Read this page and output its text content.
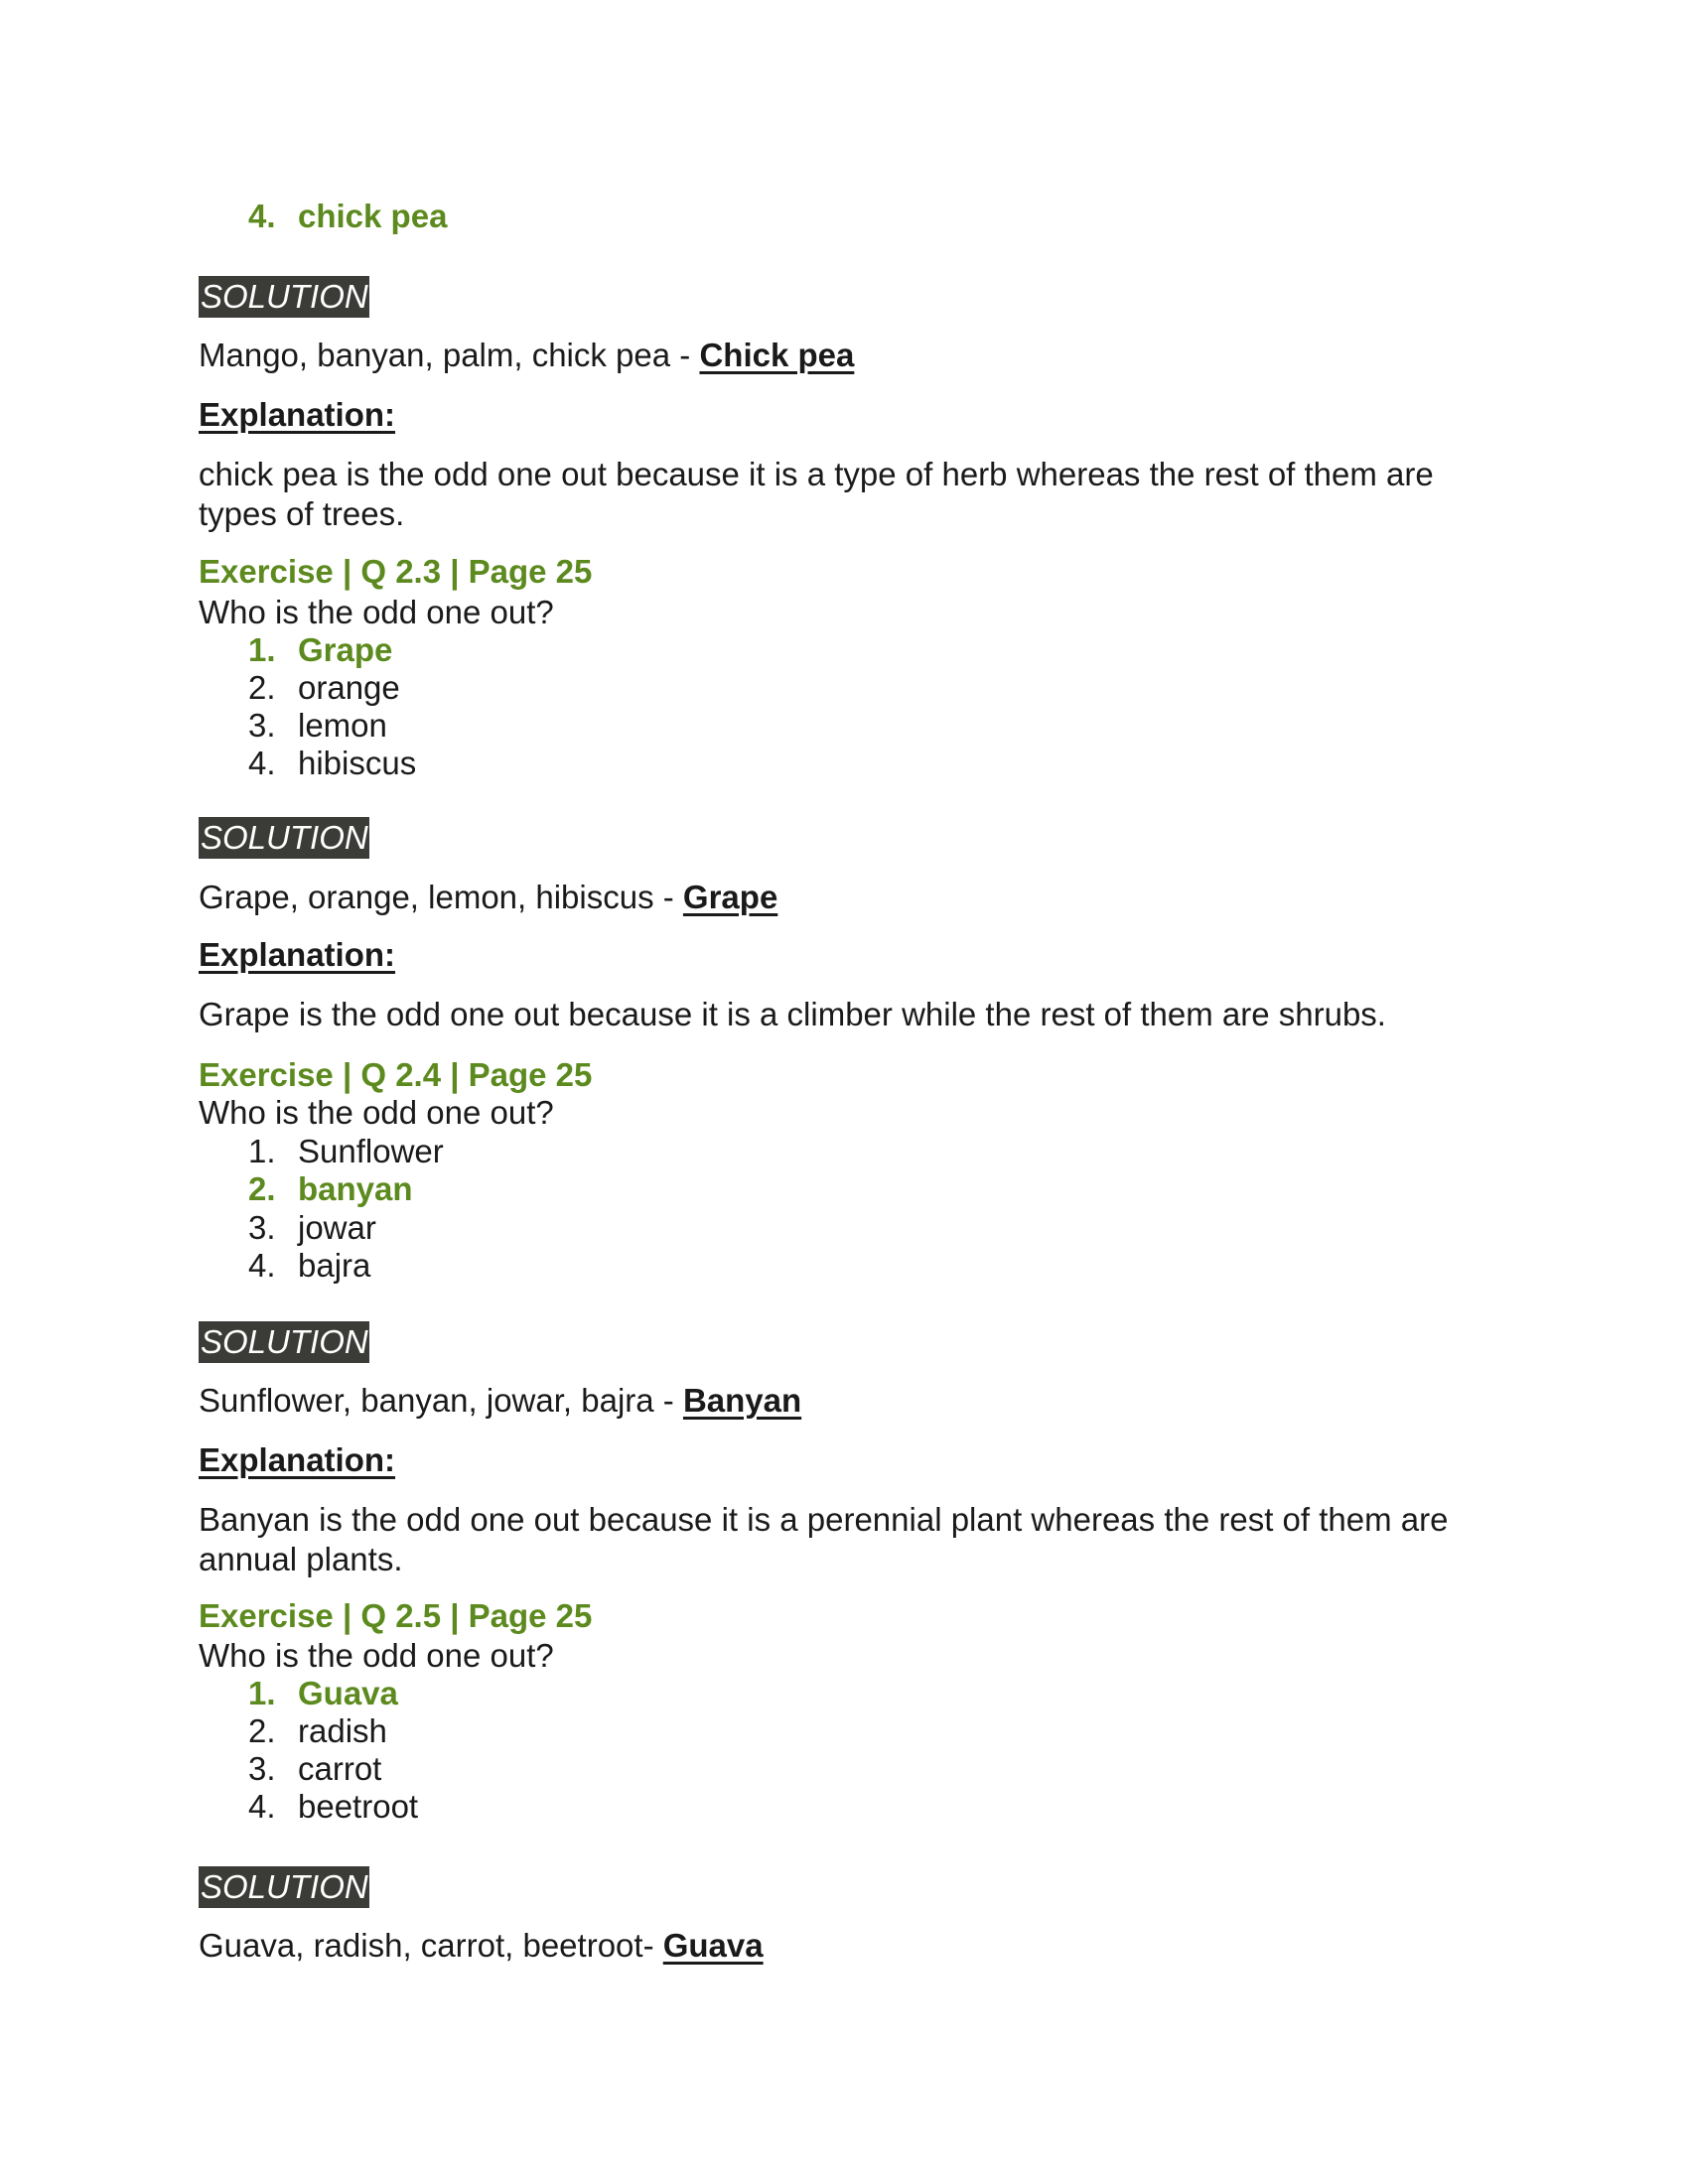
4. chick pea
SOLUTION
Mango, banyan, palm, chick pea - Chick pea
Explanation:
chick pea is the odd one out because it is a type of herb whereas the rest of them are types of trees.
Exercise | Q 2.3 | Page 25
Who is the odd one out?
1. Grape
2. orange
3. lemon
4. hibiscus
SOLUTION
Grape, orange, lemon, hibiscus - Grape
Explanation:
Grape is the odd one out because it is a climber while the rest of them are shrubs.
Exercise | Q 2.4 | Page 25
Who is the odd one out?
1. Sunflower
2. banyan
3. jowar
4. bajra
SOLUTION
Sunflower, banyan, jowar, bajra - Banyan
Explanation:
Banyan is the odd one out because it is a perennial plant whereas the rest of them are annual plants.
Exercise | Q 2.5 | Page 25
Who is the odd one out?
1. Guava
2. radish
3. carrot
4. beetroot
SOLUTION
Guava, radish, carrot, beetroot- Guava
